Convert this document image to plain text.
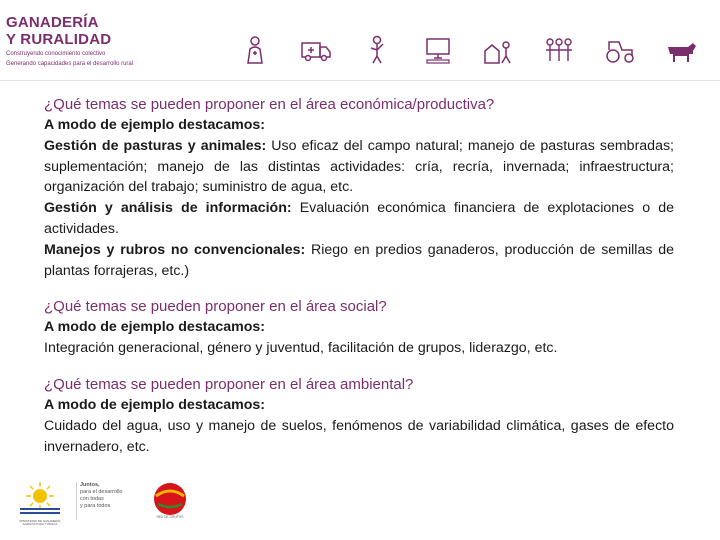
GANADERÍA
Y RURALIDAD
Construyendo conocimiento colectivo
Generando capacidades para el desarrollo rural

¿Qué temas se pueden proponer en el área económica/productiva?

A modo de ejemplo destacamos:

Gestión de pasturas y animales: Uso eficaz del campo natural; manejo de pasturas sembradas; suplementación; manejo de las distintas actividades: cría, recría, invernada; infraestructura; organización del trabajo; suministro de agua, etc.

Gestión y análisis de información: Evaluación económica financiera de explotaciones o de actividades.

Manejos y rubros no convencionales: Riego en predios ganaderos, producción de semillas de plantas forrajeras, etc.)

¿Qué temas se pueden proponer en el área social?

A modo de ejemplo destacamos:

Integración generacional, género y juventud, facilitación de grupos, liderazgo, etc.

¿Qué temas se pueden proponer en el área ambiental?

A modo de ejemplo destacamos:

Cuidado del agua, uso y manejo de suelos, fenómenos de variabilidad climática, gases de efecto invernadero, etc.

MINISTERIO DE GANADERÍA AGRICULTURA Y PESCA
Juntos,
para el desarrollo
con todas
y para todos
RED DE GRUPOS
